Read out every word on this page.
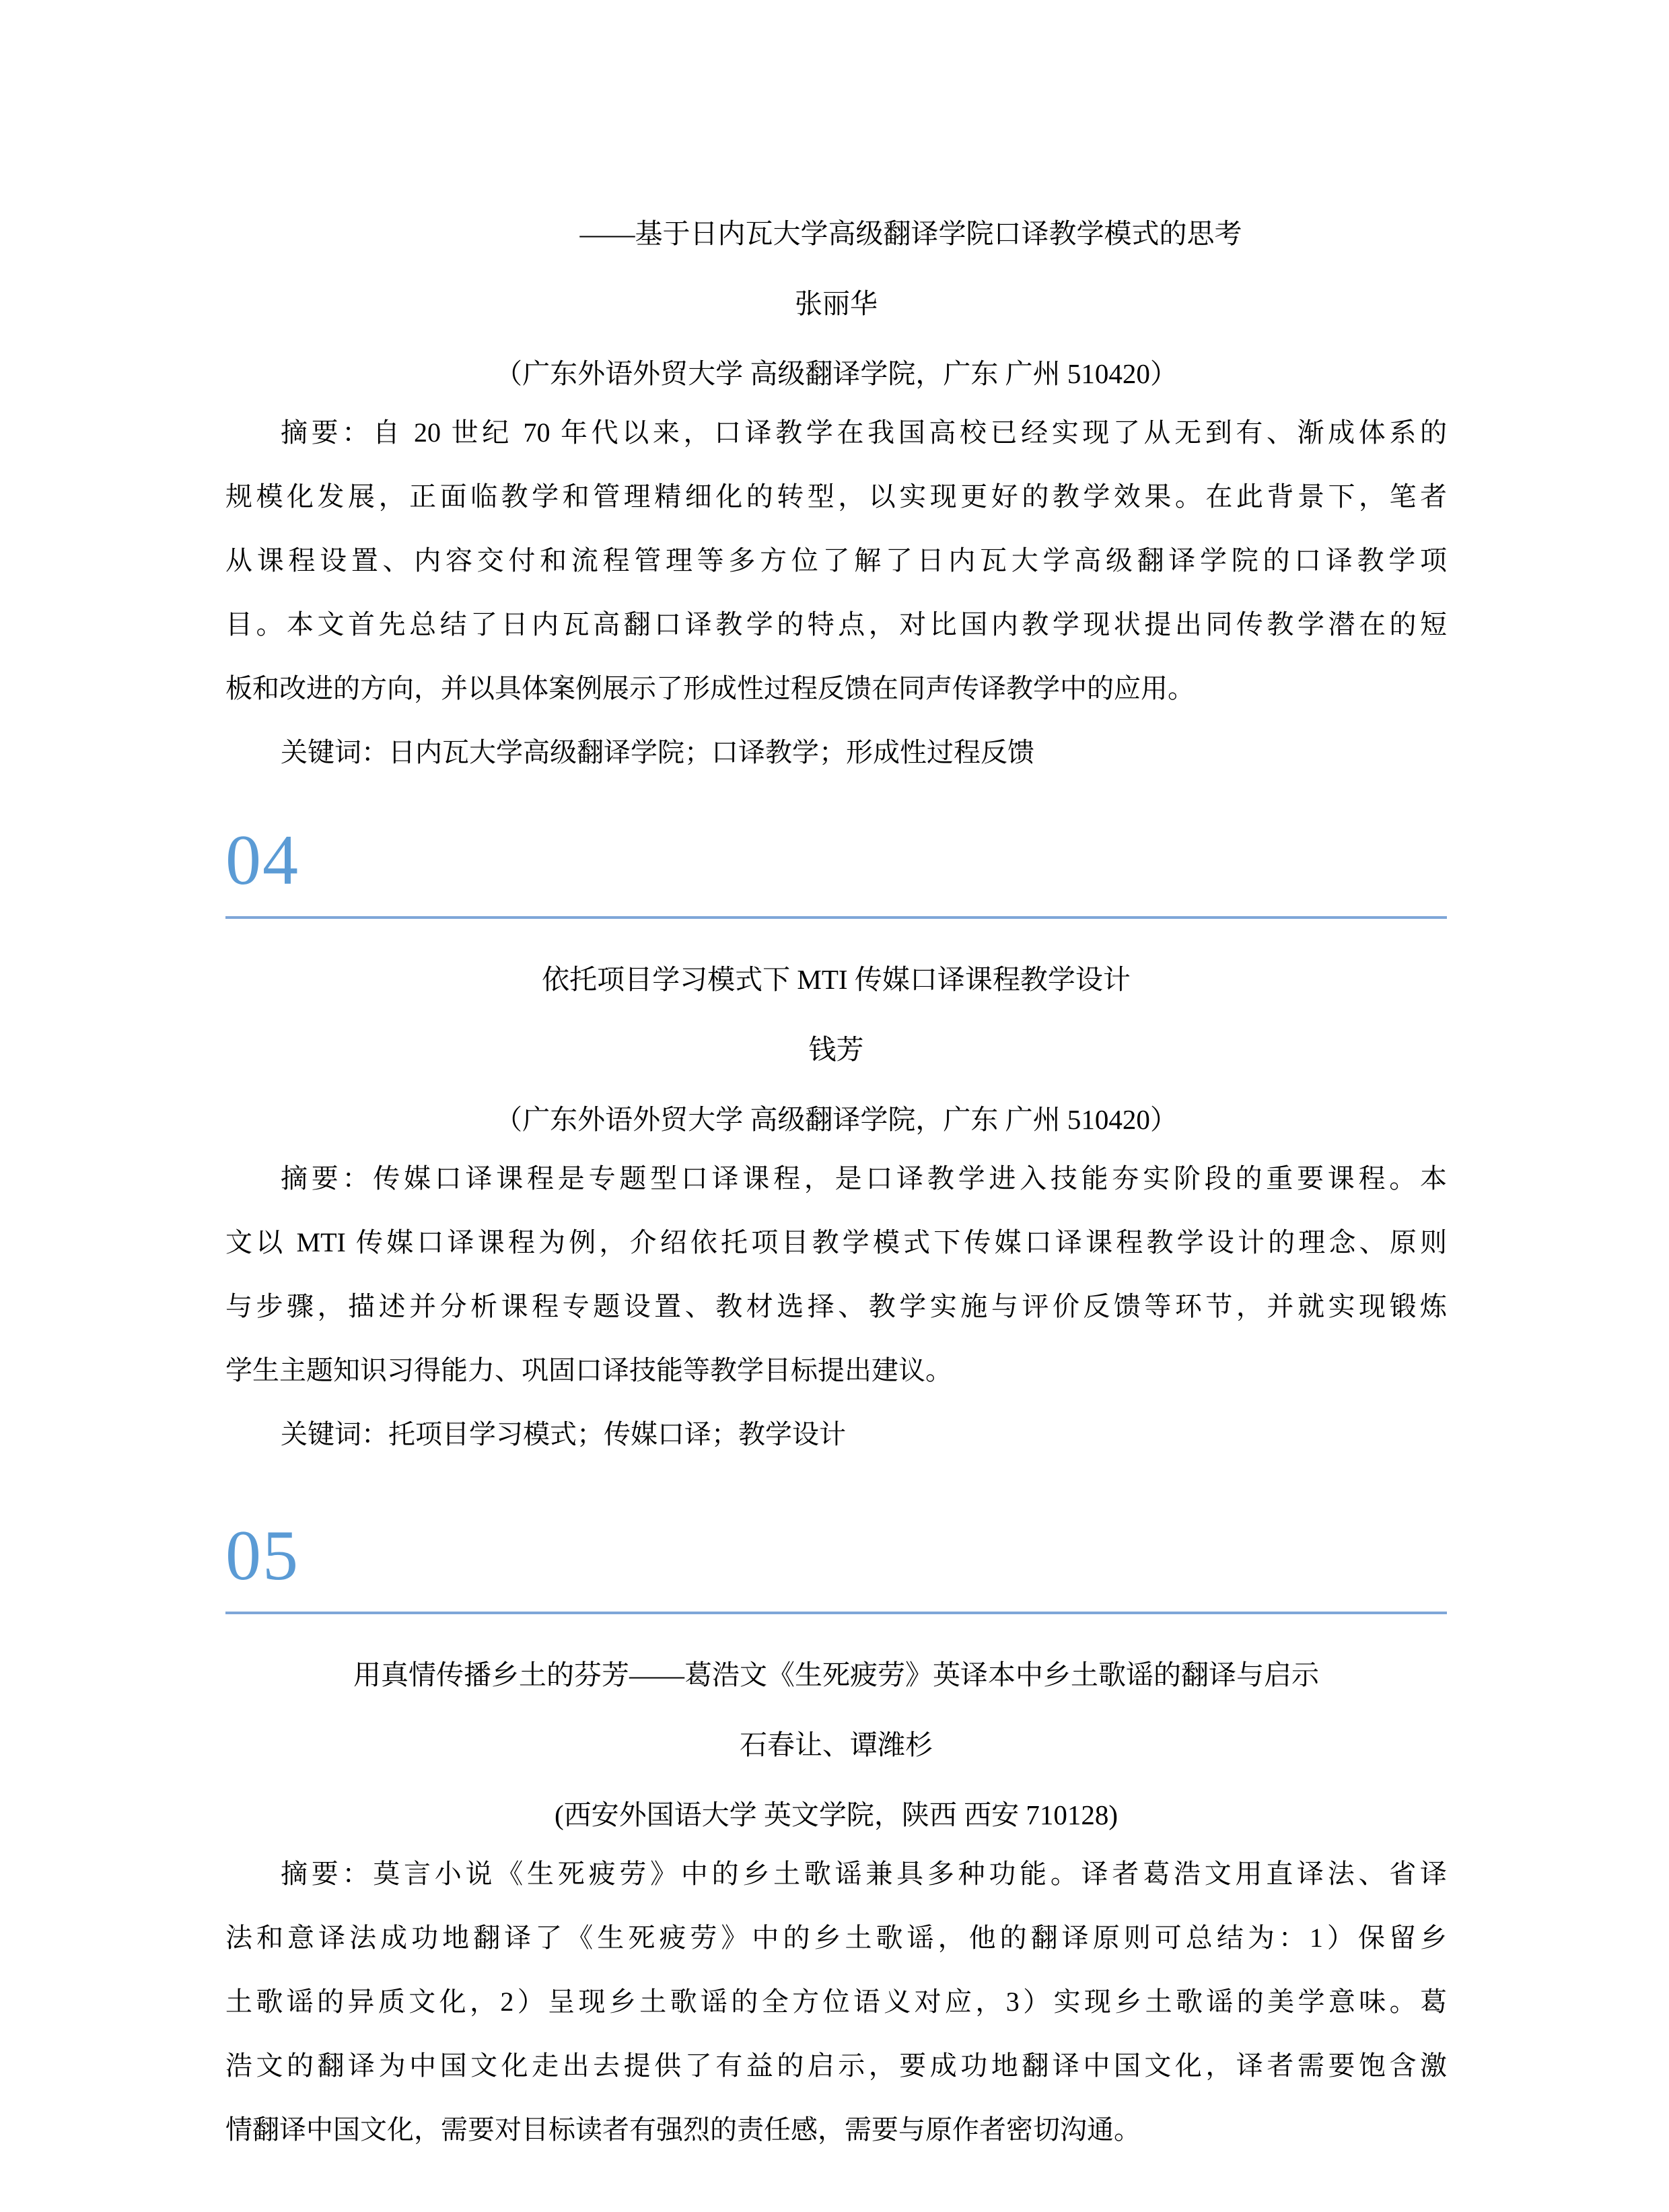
——基于日内瓦大学高级翻译学院口译教学模式的思考
张丽华
（广东外语外贸大学 高级翻译学院，广东 广州 510420）
摘要：自 20 世纪 70 年代以来，口译教学在我国高校已经实现了从无到有、渐成体系的
规模化发展，正面临教学和管理精细化的转型，以实现更好的教学效果。在此背景下，笔者
从课程设置、内容交付和流程管理等多方位了解了日内瓦大学高级翻译学院的口译教学项
目。本文首先总结了日内瓦高翻口译教学的特点，对比国内教学现状提出同传教学潜在的短
板和改进的方向，并以具体案例展示了形成性过程反馈在同声传译教学中的应用。
关键词：日内瓦大学高级翻译学院；口译教学；形成性过程反馈
04
依托项目学习模式下 MTI 传媒口译课程教学设计
钱芳
（广东外语外贸大学 高级翻译学院，广东 广州 510420）
摘要：传媒口译课程是专题型口译课程，是口译教学进入技能夯实阶段的重要课程。本
文以 MTI 传媒口译课程为例，介绍依托项目教学模式下传媒口译课程教学设计的理念、原则
与步骤，描述并分析课程专题设置、教材选择、教学实施与评价反馈等环节，并就实现锻炼
学生主题知识习得能力、巩固口译技能等教学目标提出建议。
关键词：托项目学习模式；传媒口译；教学设计
05
用真情传播乡土的芬芳——葛浩文《生死疲劳》英译本中乡土歌谣的翻译与启示
石春让、谭潍杉
(西安外国语大学 英文学院，陕西 西安 710128)
摘要：莫言小说《生死疲劳》中的乡土歌谣兼具多种功能。译者葛浩文用直译法、省译
法和意译法成功地翻译了《生死疲劳》中的乡土歌谣，他的翻译原则可总结为：1）保留乡
土歌谣的异质文化，2）呈现乡土歌谣的全方位语义对应，3）实现乡土歌谣的美学意味。葛
浩文的翻译为中国文化走出去提供了有益的启示，要成功地翻译中国文化，译者需要饱含激
情翻译中国文化，需要对目标读者有强烈的责任感，需要与原作者密切沟通。
